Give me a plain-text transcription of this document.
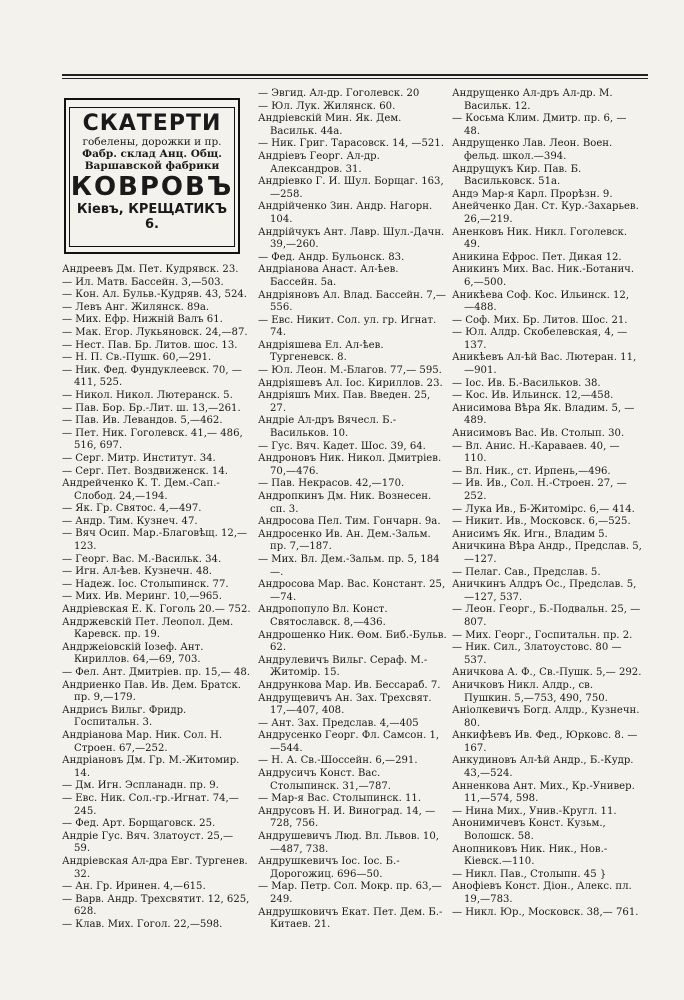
СКАТЕРТИ
гобелены, дорожки и пр.
Фабр. склад Анц. Общ.
Варшавской фабрики
КОВРОВЪ
Кіевъ, КРЕЩАТИКЪ 6.

Андреевъ Дм. Пет. Кудрявск. 23.

— Ил. Матв. Бассейн. 3,—503.

— Кон. Ал. Бульв.-Кудряв. 43, 524.

— Левъ Анг. Жилянск. 89а.

— Мих. Ефр. Нижній Валъ 61.

— Мак. Егор. Лукьяновск. 24,—87.

— Нест. Пав. Бр. Литов. шос. 13.

— Н. П. Св.-Пушк. 60,—291.

— Ник. Фед. Фундуклеевск. 70, —411, 525.

— Никол. Никол. Лютеранск. 5.

— Пав. Бор. Бр.-Лит. ш. 13,—261.

— Пав. Ив. Левандов. 5,—462.

— Пет. Ник. Гоголевск. 41,— 486, 516, 697.

— Серг. Митр. Институт. 34.

— Серг. Пет. Воздвиженск. 14.

Андрейченко К. Т. Дем.-Сап.-Слобод. 24,—194.

— Як. Гр. Святос. 4,—497.

— Андр. Тим. Кузнеч. 47.

— Вяч Осип. Мар.-Благовѣщ. 12,—123.

— Георг. Вас. М.-Васильк. 34.

— Игн. Ал-ѣев. Кузнечн. 48.

— Надеж. Іос. Столыпинск. 77.

— Мих. Ив. Меринг. 10,—965.

Андріевская Е. К. Гоголь 20.— 752.

Андржевскій Пет. Леопол. Дем. Каревск. пр. 19.

Андржеіовскій Іозеф. Ант. Кириллов. 64,—69, 703.

— Фел. Ант. Дмитріев. пр. 15,— 48.

Андриенко Пав. Ив. Дем. Братск. пр. 9,—179.

Андрисъ Вильг. Фридр. Госпитальн. 3.

Андріанова Мар. Ник. Сол. Н. Строен. 67,—252.

Андріановъ Дм. Гр. М.-Житомир. 14.

— Дм. Игн. Эспланадн. пр. 9.

— Евс. Ник. Сол.-гр.-Игнат. 74,—245.

— Фед. Арт. Борщаговск. 25.

Андріе Гус. Вяч. Златоуст. 25,— 59.

Андріевская Ал-дра Евг. Тургенев. 32.

— Ан. Гр. Иринен. 4,—615.

— Варв. Андр. Трехсвятит. 12, 625, 628.

— Клав. Мих. Гогол. 22,—598.

— Эвгид. Ал-др. Гоголевск. 20

— Юл. Лук. Жилянск. 60.

Андріевскій Мин. Як. Дем. Васильк. 44а.

— Ник. Григ. Тарасовск. 14, —521.

Андріевъ Георг. Ал-др. Александров. 31.

Андріевко Г. И. Шул. Борщаг. 163,—258.

Андрійченко Зин. Андр. Нагорн. 104.

Андрійчукъ Ант. Лавр. Шул.-Дачн. 39,—260.

— Фед. Андр. Бульонск. 83.

Андріанова Анаст. Ал-ѣев. Бассейн. 5а.

Андріяновъ Ал. Влад. Бассейн. 7,—556.

— Евс. Никит. Сол. ул. гр. Игнат. 74.

Андріяшева Ел. Ал-ѣев. Тургеневск. 8.

— Юл. Леон. М.-Благов. 77,— 595.

Андріяшевъ Ал. Іос. Кириллов. 23.

Андріяшъ Мих. Пав. Введен. 25, 27.

Андріе Ал-дръ Вячесл. Б.-Васильков. 10.

— Гус. Вяч. Кадет. Шос. 39, 64.

Андроновъ Ник. Никол. Дмитріев. 70,—476.

— Пав. Некрасов. 42,—170.

Андропкинъ Дм. Ник. Вознесен. сп. 3.

Андросова Пел. Тим. Гончарн. 9а.

Андросенко Ив. Ан. Дем.-Зальм. пр. 7,—187.

— Мих. Вл. Дем.-Зальм. пр. 5, 184—.

Андросова Мар. Вас. Констант. 25,—74.

Андропопуло Вл. Конст. Святославск. 8,—436.

Андрошенко Ник. Ѳом. Биб.-Бульв. 62.

Андрулевичъ Вильг. Сераф. М.-Житомір. 15.

Андрункова Мар. Ив. Бессараб. 7.

Андрущевичъ Ан. Зах. Трехсвят. 17,—407, 408.

— Ант. Зах. Предслав. 4,—405

Андрусенко Георг. Фл. Самсон. 1,—544.

— Н. А. Св.-Шоссейн. 6,—291.

Андрусичъ Конст. Вас. Столыпинск. 31,—787.

— Мар-я Вас. Столыпинск. 11.

Андрусовъ Н. И. Виноград. 14, —728, 756.

Андрушевичъ Люд. Вл. Львов. 10, —487, 738.

Андрушкевичъ Іос. Іос. Б.-Дорогожиц. 696—50.

— Мар. Петр. Сол. Мокр. пр. 63,—249.

Андрушковичъ Екат. Пет. Дем. Б.-Китаев. 21.

Андрущенко Ал-дръ Ал-др. М. Васильк. 12.

— Косьма Клим. Дмитр. пр. 6, —48.

Андрущенко Лав. Леон. Воен. фельд. школ.—394.

Андрущукъ Кир. Пав. Б. Васильковск. 51а.

Андэ Мар-я Карл. Прорѣзн. 9.

Анейченко Дан. Ст. Кур.-Захарьев. 26,—219.

Аненковъ Ник. Никл. Гоголевск. 49.

Аникина Ефрос. Пет. Дикая 12.

Аникинъ Мих. Вас. Ник.-Ботанич. 6,—500.

Аникѣева Соф. Кос. Ильинск. 12, —488.

— Соф. Мих. Бр. Литов. Шос. 21.

— Юл. Алдр. Скобелевская, 4, —137.

Аникѣевъ Ал-ѣй Вас. Лютеран. 11,—901.

— Іос. Ив. Б.-Васильков. 38.

— Кос. Ив. Ильинск. 12,—458.

Анисимова Вѣра Як. Владим. 5, —489.

Анисимовъ Вас. Ив. Столып. 30.

— Вл. Анис. Н.-Караваев. 40, —110.

— Вл. Ник., ст. Ирпень,—496.

— Ив. Ив., Сол. Н.-Строен. 27, —252.

— Лука Ив., Б-Житомірс. 6,— 414.

— Никит. Ив., Московск. 6,—525.

Анисимъ Як. Игн., Владим 5.

Аничкина Вѣра Андр., Предслав. 5,—127.

— Пелаг. Сав., Предслав. 5.

Аничкинъ Алдръ Ос., Предслав. 5,—127, 537.

— Леон. Георг., Б.-Подвальн. 25, —807.

— Мих. Георг., Госпитальн. пр. 2.

— Ник. Сил., Златоустовс. 80 —537.

Аничкова А. Ф., Св.-Пушк. 5,— 292.

Аничковъ Никл. Алдр., св. Пушкин. 5,—753, 490, 750.

Аніолкевичъ Богд. Алдр., Кузнечн. 80.

Анкифѣевъ Ив. Фед., Юрковс. 8. —167.

Анкудиновъ Ал-ѣй Андр., Б.-Кудр. 43,—524.

Анненкова Ант. Мих., Кр.-Универ. 11,—574, 598.

— Нина Мих., Унив.-Кругл. 11.

Анонимичевъ Конст. Кузьм., Волошск. 58.

Анопниковъ Ник. Ник., Нов.-Кіевск.—110.

— Никл. Пав., Столыпн. 45 }

Анофіевъ Конст. Діон., Алекс. пл. 19,—783.

— Никл. Юр., Московск. 38,— 761.
